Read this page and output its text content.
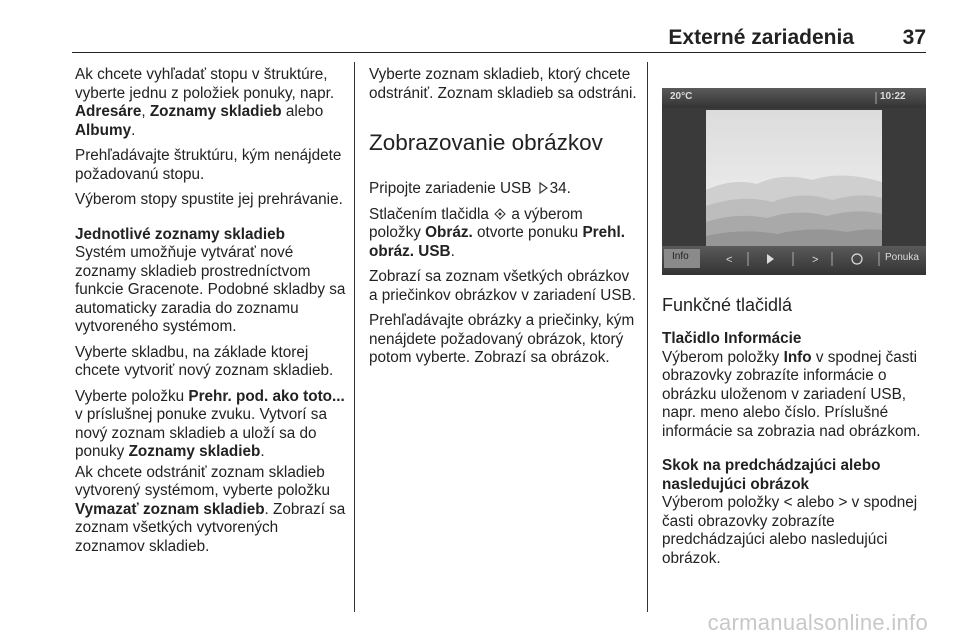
Externé zariadenia 37

Ak chcete vyhľadať stopu v štruktúre, vyberte jednu z položiek ponuky, napr. Adresáre, Zoznamy skladieb alebo Albumy.

Prehľadávajte štruktúru, kým nenájdete požadovanú stopu.

Výberom stopy spustite jej prehrávanie.

Jednotlivé zoznamy skladieb

Systém umožňuje vytvárať nové zoznamy skladieb prostredníctvom funkcie Gracenote. Podobné skladby sa automaticky zaradia do zoznamu vytvoreného systémom.

Vyberte skladbu, na základe ktorej chcete vytvoriť nový zoznam skladieb.

Vyberte položku Prehr. pod. ako toto... v príslušnej ponuke zvuku. Vytvorí sa nový zoznam skladieb a uloží sa do ponuky Zoznamy skladieb.

Ak chcete odstrániť zoznam skladieb vytvorený systémom, vyberte položku Vymazať zoznam skladieb. Zobrazí sa zoznam všetkých vytvorených zoznamov skladieb.

Vyberte zoznam skladieb, ktorý chcete odstrániť. Zoznam skladieb sa odstráni.

Zobrazovanie obrázkov

Pripojte zariadenie USB 34.

Stlačením tlačidla  a výberom položky Obráz. otvorte ponuku Prehl. obráz. USB.

Zobrazí sa zoznam všetkých obrázkov a priečinkov obrázkov v zariadení USB.

Prehľadávajte obrázky a priečinky, kým nenájdete požadovaný obrázok, ktorý potom vyberte. Zobrazí sa obrázok.

<	>
20°C	10:22
Info	Ponuka
Funkčné tlačidlá

Tlačidlo Informácie

Výberom položky Info v spodnej časti obrazovky zobrazíte informácie o obrázku uloženom v zariadení USB, napr. meno alebo číslo. Príslušné informácie sa zobrazia nad obrázkom.

Skok na predchádzajúci alebo nasledujúci obrázok

Výberom položky < alebo > v spodnej časti obrazovky zobrazíte predchádzajúci alebo nasledujúci obrázok.

carmanualsonline.info
